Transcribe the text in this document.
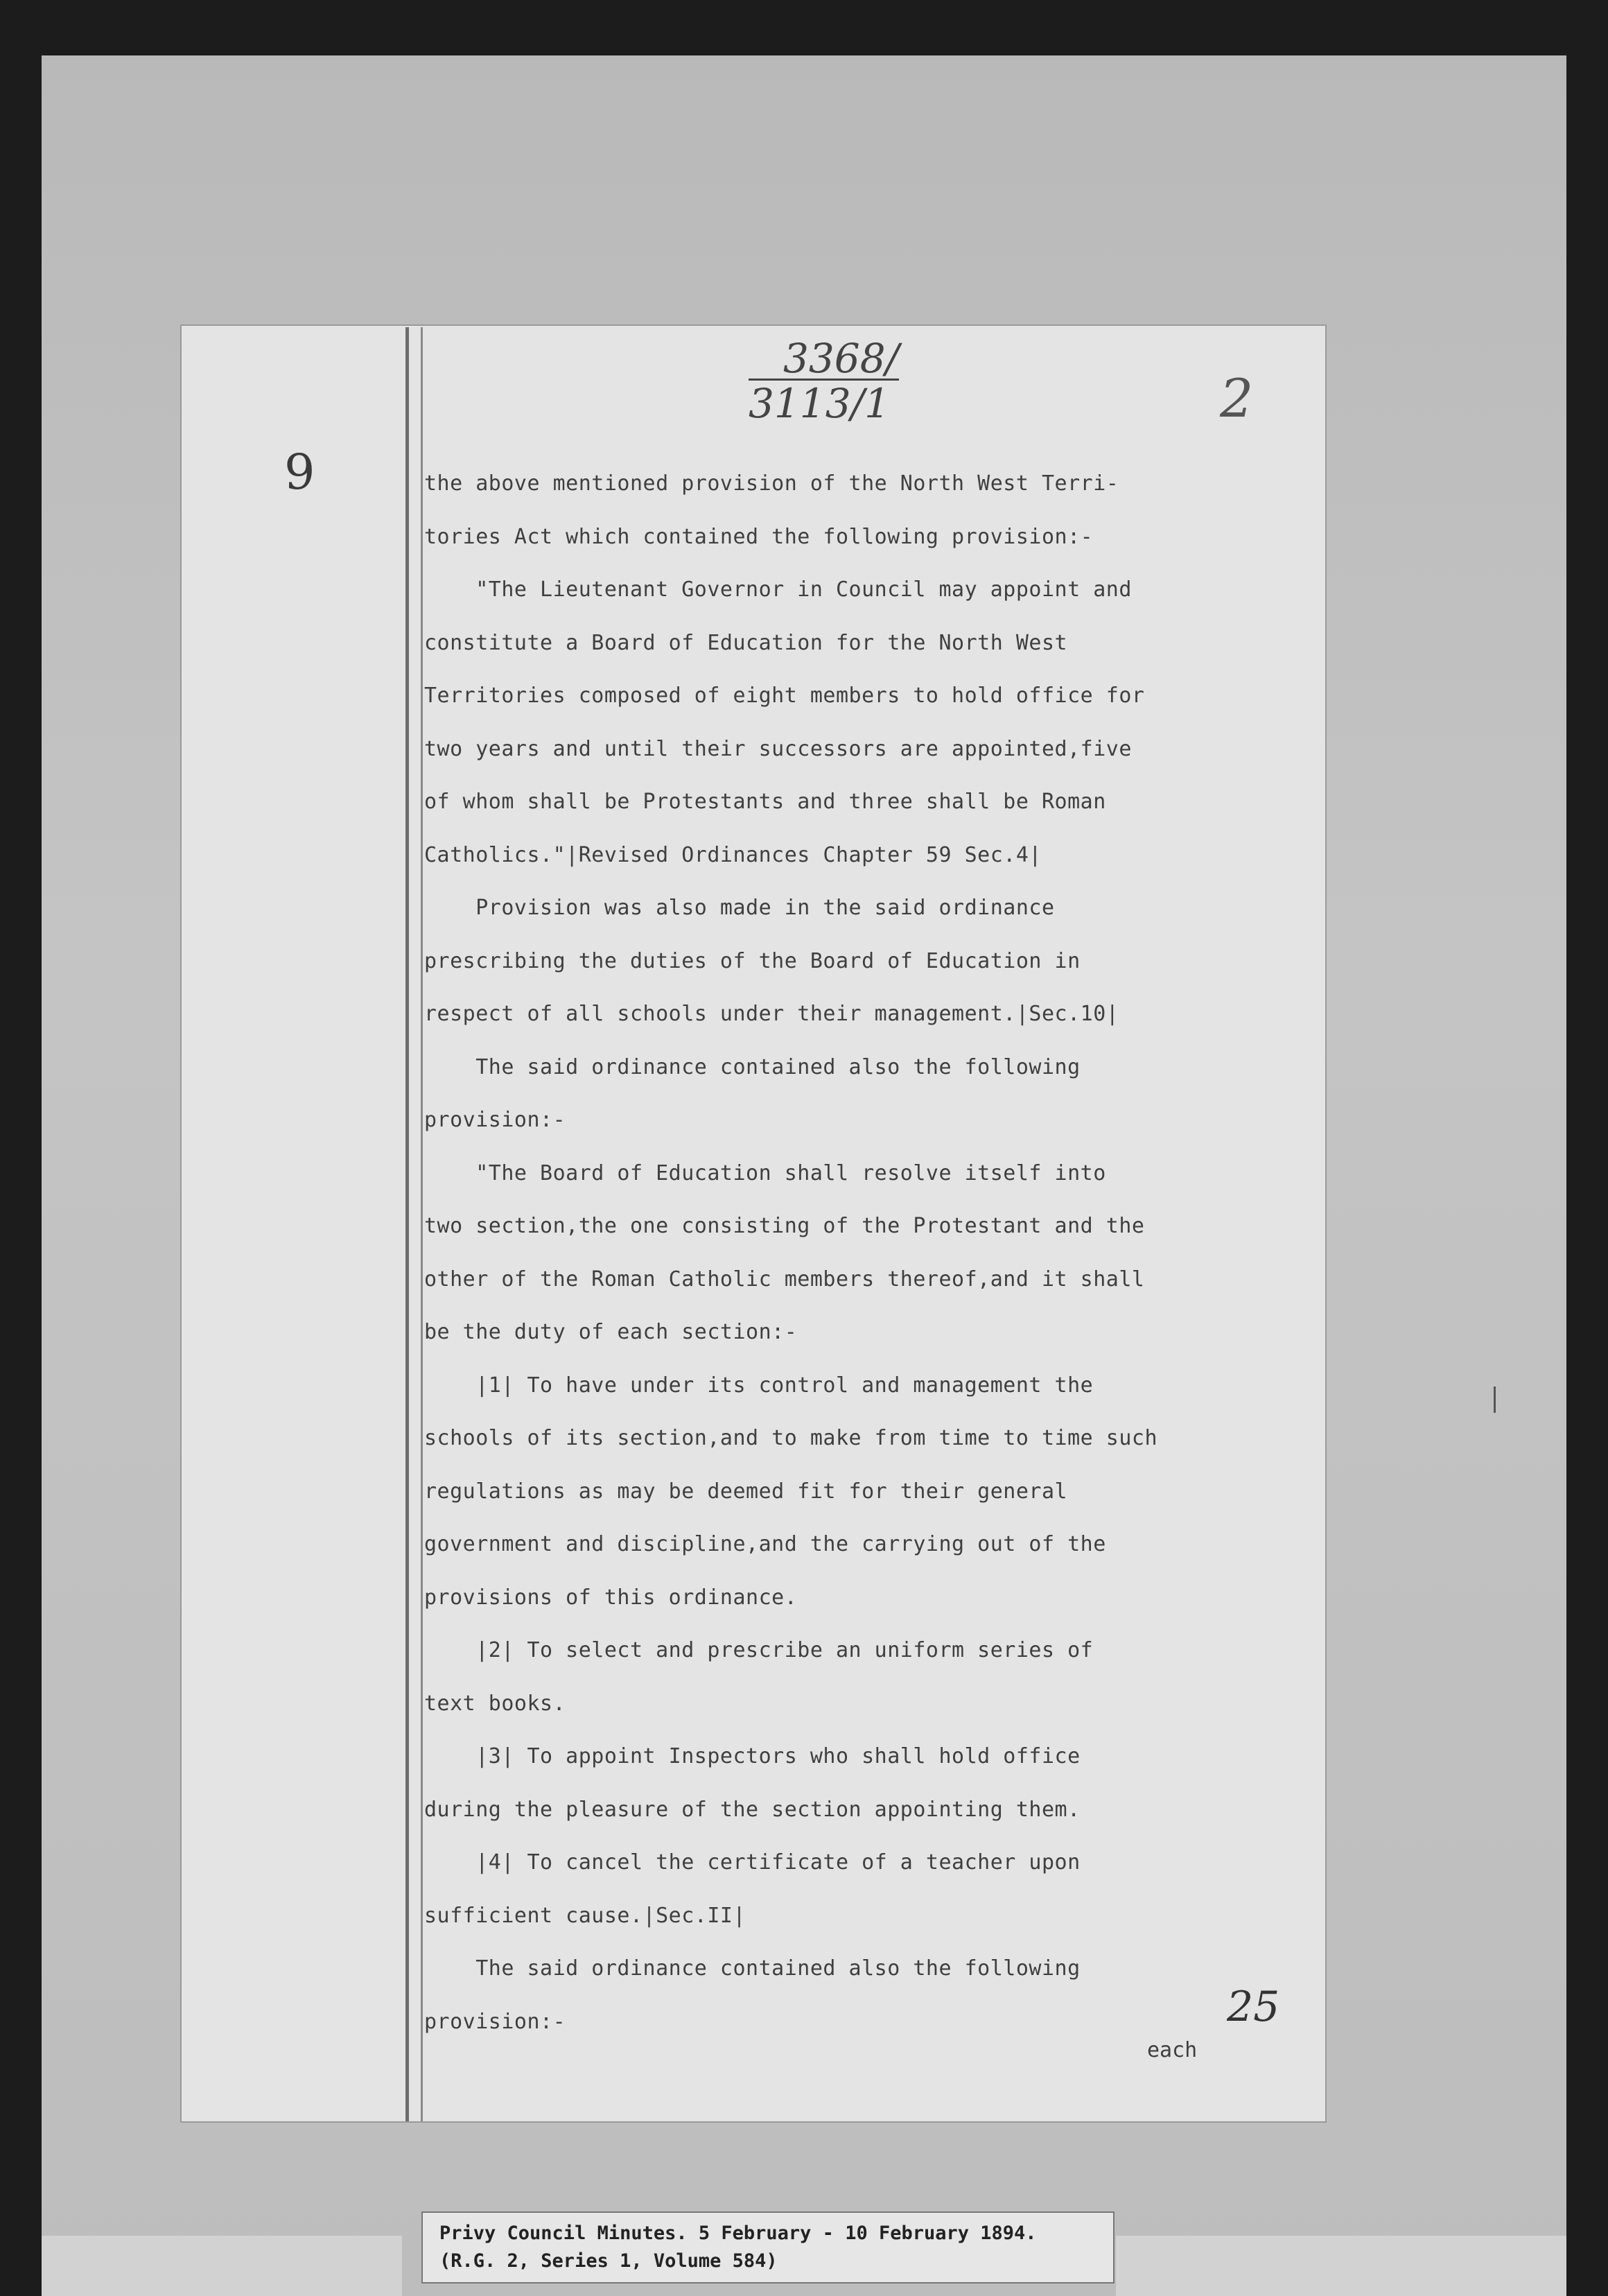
$\frac{3368/}{3113/1}$	2
9	the above mentioned provision of the North West Terri-
tories Act which contained the following provision:-
"The Lieutenant Governor in Council may appoint and
constitute a Board of Education for the North West
Territories composed of eight members to hold office for
two years and until their successors are appointed,five
of whom shall be Protestants and three shall be Roman
Catholics."|Revised Ordinances Chapter 59 Sec.4|
Provision was also made in the said ordinance
prescribing the duties of the Board of Education in
respect of all schools under their management.|Sec.10|
The said ordinance contained also the following
provision:-
"The Board of Education shall resolve itself into
two section,the one consisting of the Protestant and the
other of the Roman Catholic members thereof,and it shall
be the duty of each section:-
|1| To have under its control and management the
schools of its section,and to make from time to time such
regulations as may be deemed fit for their general
government and discipline,and the carrying out of the
provisions of this ordinance.
|2| To select and prescribe an uniform series of
text books.
|3| To appoint Inspectors who shall hold office
during the pleasure of the section appointing them.
|4| To cancel the certificate of a teacher upon
sufficient cause.|Sec.II|
The said ordinance contained also the following
provision:-	25
each
Privy Council Minutes. 5 February - 10 February 1894.
(R.G. 2, Series 1, Volume 584)
